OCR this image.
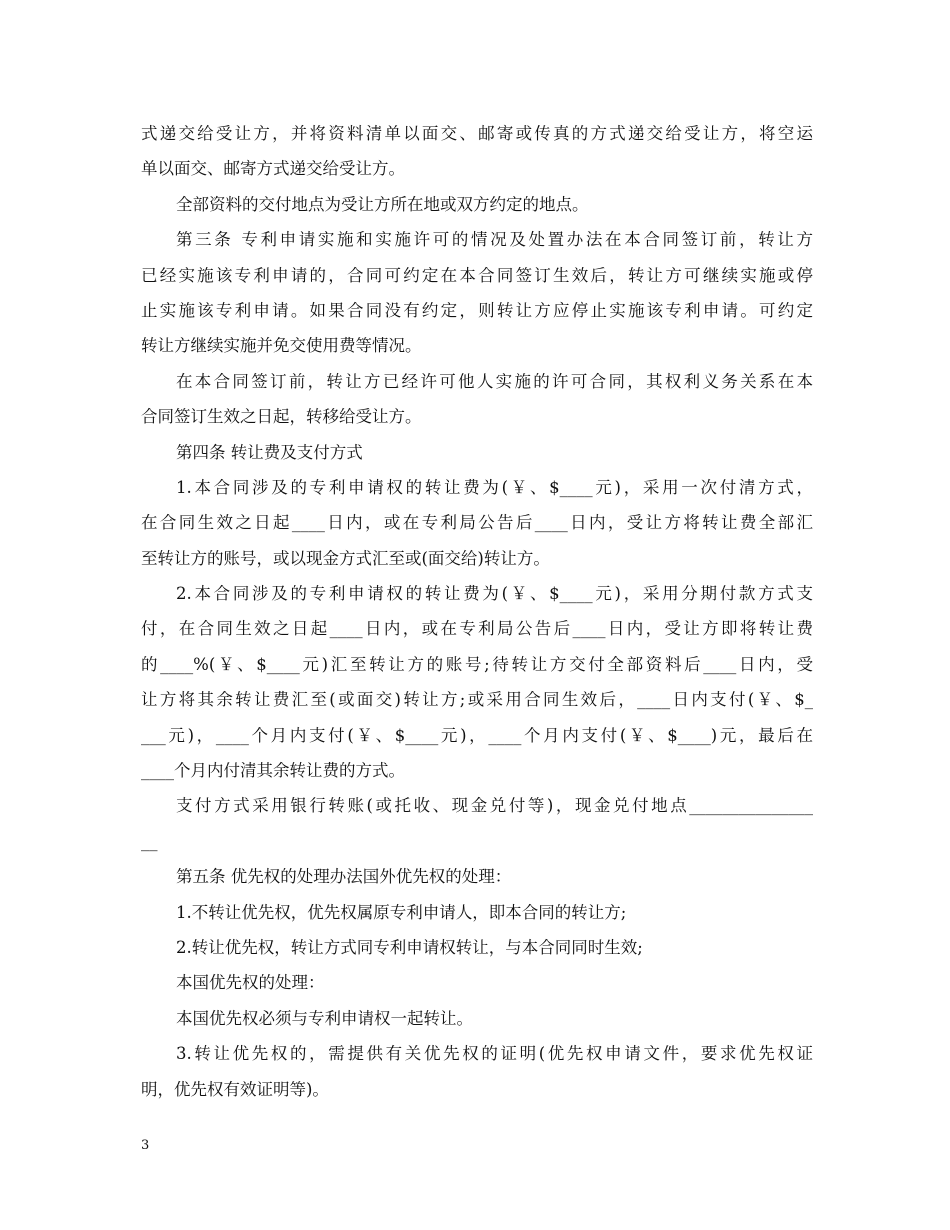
式递交给受让方，并将资料清单以面交、邮寄或传真的方式递交给受让方，将空运
单以面交、邮寄方式递交给受让方。
全部资料的交付地点为受让方所在地或双方约定的地点。
第三条 专利申请实施和实施许可的情况及处置办法在本合同签订前，转让方
已经实施该专利申请的，合同可约定在本合同签订生效后，转让方可继续实施或停
止实施该专利申请。如果合同没有约定，则转让方应停止实施该专利申请。可约定
转让方继续实施并免交使用费等情况。
在本合同签订前，转让方已经许可他人实施的许可合同，其权利义务关系在本
合同签订生效之日起，转移给受让方。
第四条 转让费及支付方式
1.本合同涉及的专利申请权的转让费为(￥、$____元)，采用一次付清方式，
在合同生效之日起____日内，或在专利局公告后____日内，受让方将转让费全部汇
至转让方的账号，或以现金方式汇至或(面交给)转让方。
2.本合同涉及的专利申请权的转让费为(￥、$____元)，采用分期付款方式支
付，在合同生效之日起____日内，或在专利局公告后____日内，受让方即将转让费
的____%(￥、$____元)汇至转让方的账号;待转让方交付全部资料后____日内，受
让方将其余转让费汇至(或面交)转让方;或采用合同生效后，____日内支付(￥、$_
___元)，____个月内支付(￥、$____元)，____个月内支付(￥、$____)元，最后在
____个月内付清其余转让费的方式。
支付方式采用银行转账(或托收、现金兑付等)，现金兑付地点_______________
__
第五条 优先权的处理办法国外优先权的处理：
1.不转让优先权，优先权属原专利申请人，即本合同的转让方;
2.转让优先权，转让方式同专利申请权转让，与本合同同时生效;
本国优先权的处理：
本国优先权必须与专利申请权一起转让。
3.转让优先权的，需提供有关优先权的证明(优先权申请文件，要求优先权证
明，优先权有效证明等)。
3
